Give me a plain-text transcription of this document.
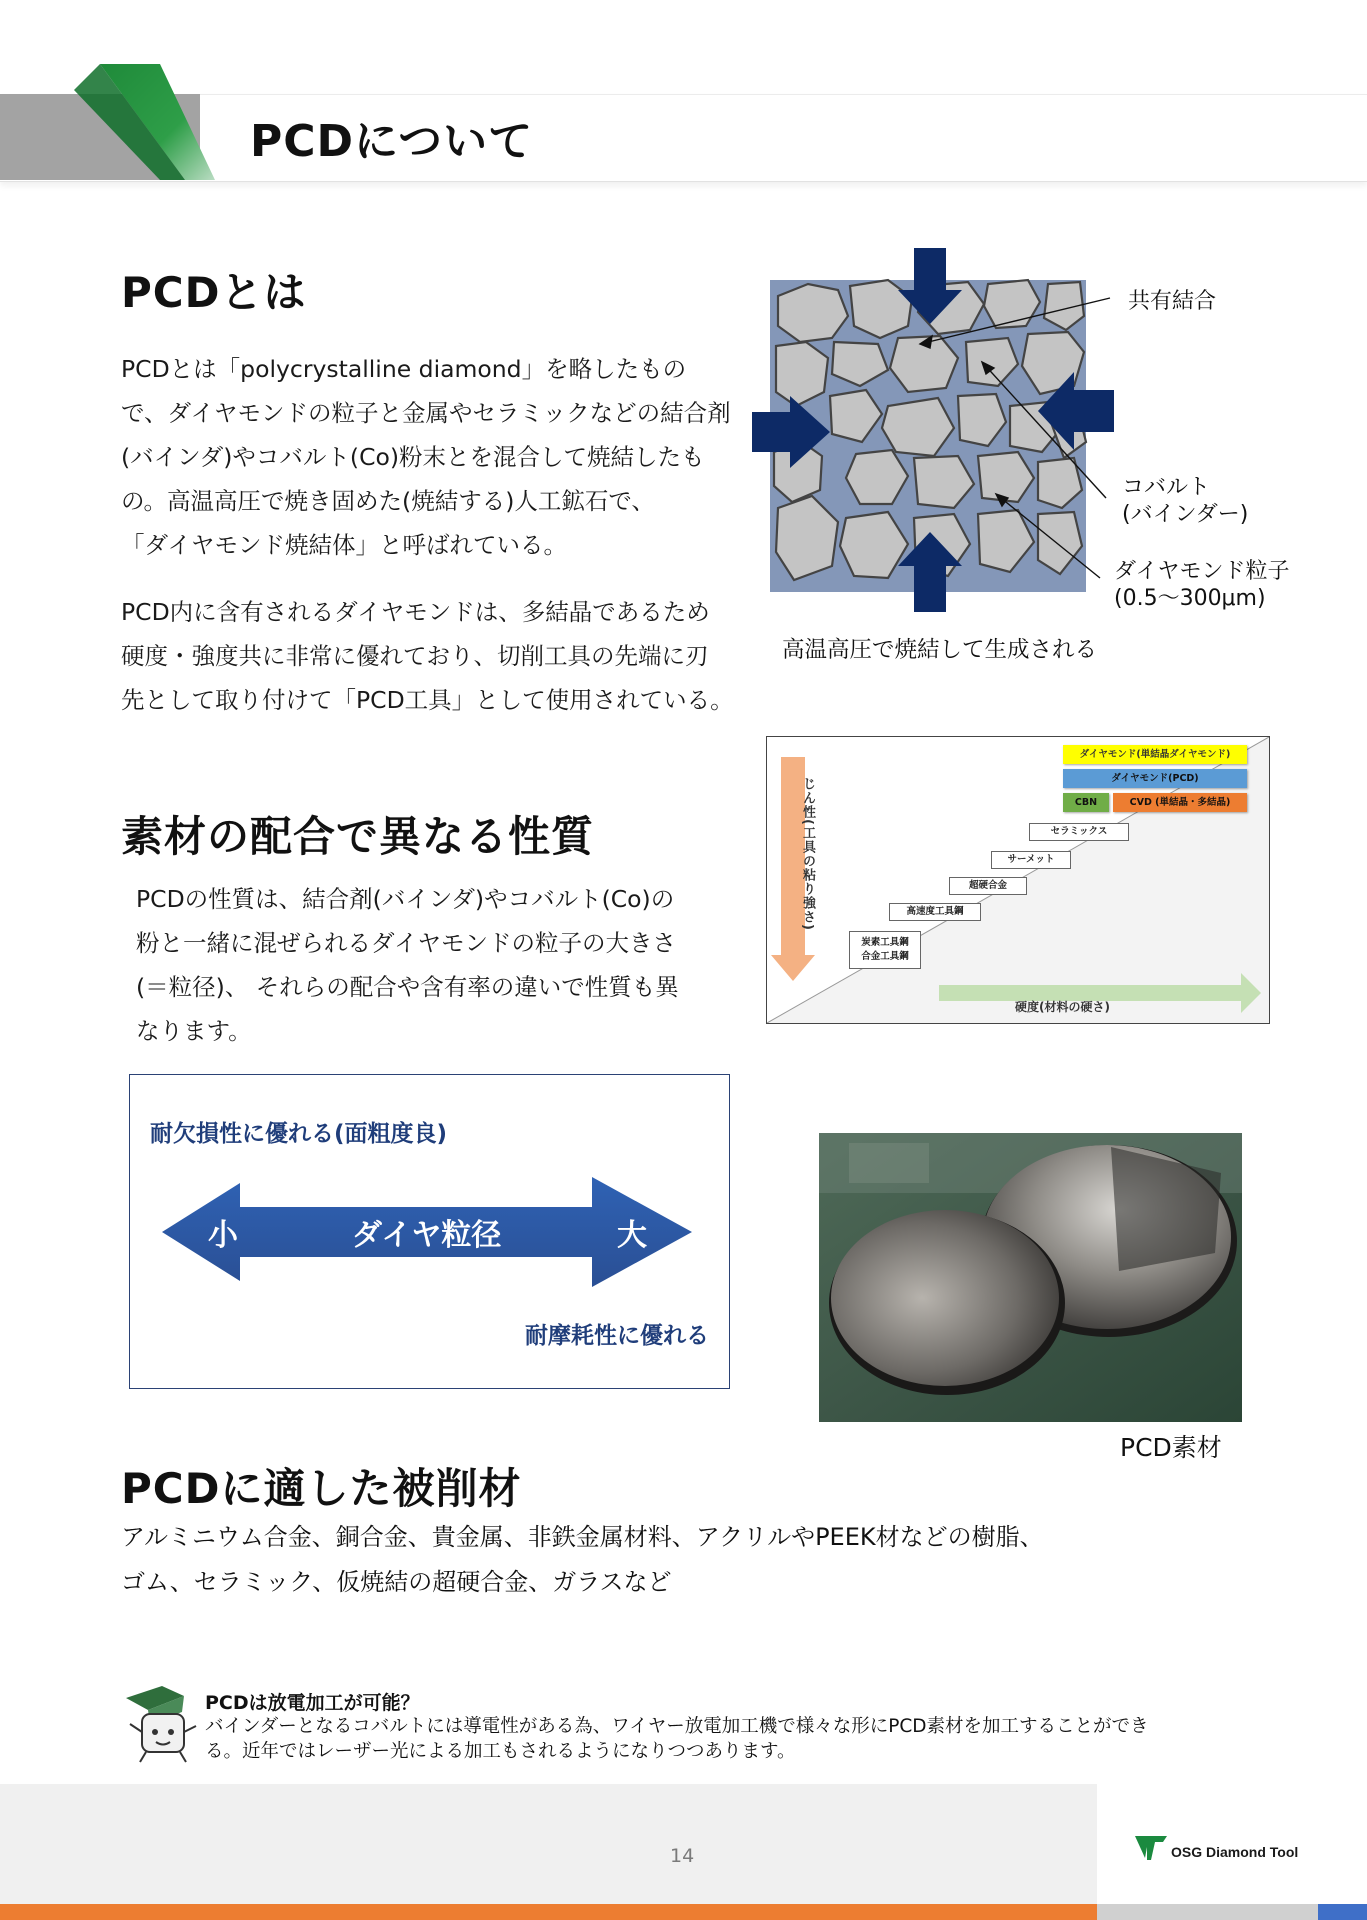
PCDについて
PCDとは
PCDとは「polycrystalline diamond」を略したもの
で、ダイヤモンドの粒子と金属やセラミックなどの結合剤
(バインダ)やコバルト(Co)粉末とを混合して焼結したも
の。高温高圧で焼き固めた(焼結する)人工鉱石で、
「ダイヤモンド焼結体」と呼ばれている。
PCD内に含有されるダイヤモンドは、多結晶であるため
硬度・強度共に非常に優れており、切削工具の先端に刃
先として取り付けて「PCD工具」として使用されている。
共有結合
コバルト
(バインダー)
ダイヤモンド粒子
(0.5～300μm)
高温高圧で焼結して生成される
じん性(工具の粘り強さ)
硬度(材料の硬さ)
炭素工具鋼
合金工具鋼
高速度工具鋼
超硬合金
サーメット
セラミックス
ダイヤモンド(単結晶ダイヤモンド)
ダイヤモンド(PCD)
CBN	CVD (単結晶・多結晶)
素材の配合で異なる性質
PCDの性質は、結合剤(バインダ)やコバルト(Co)の
粉と一緒に混ぜられるダイヤモンドの粒子の大きさ
(＝粒径)、 それらの配合や含有率の違いで性質も異
なります。
耐欠損性に優れる(面粗度良)
小	ダイヤ粒径	大
耐摩耗性に優れる
PCD素材
PCDに適した被削材
アルミニウム合金、銅合金、貴金属、非鉄金属材料、アクリルやPEEK材などの樹脂、
ゴム、セラミック、仮焼結の超硬合金、ガラスなど
PCDは放電加工が可能？
バインダーとなるコバルトには導電性がある為、ワイヤー放電加工機で様々な形にPCD素材を加工することができ
る。近年ではレーザー光による加工もされるようになりつつあります。
14	OSG Diamond Tool
